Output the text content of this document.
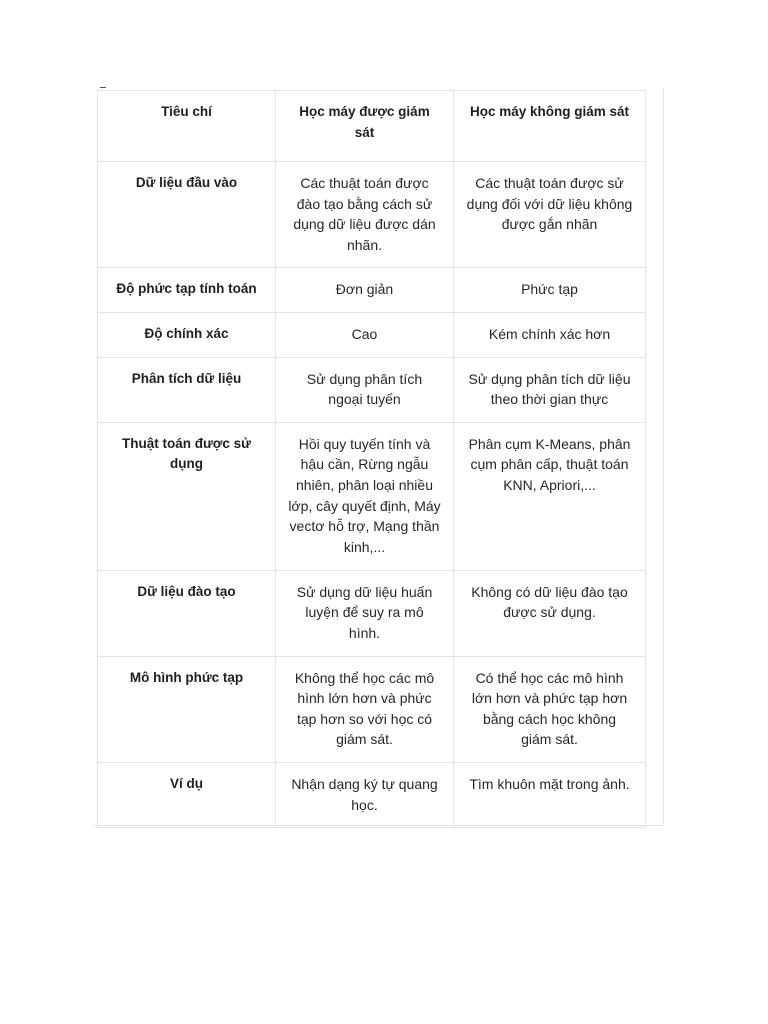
Tiêu chí	Học máy được giám sát	Học máy không giám sát
Dữ liệu đầu vào	Các thuật toán được đào tạo bằng cách sử dụng dữ liệu được dán nhãn.	Các thuật toán được sử dụng đối với dữ liệu không được gắn nhãn
Độ phức tạp tính toán	Đơn giản	Phức tạp
Độ chính xác	Cao	Kém chính xác hơn
Phân tích dữ liệu	Sử dụng phân tích ngoại tuyến	Sử dụng phân tích dữ liệu theo thời gian thực
Thuật toán được sử dụng	Hồi quy tuyến tính và hậu cần, Rừng ngẫu nhiên, phân loại nhiều lớp, cây quyết định, Máy vectơ hỗ trợ, Mạng thần kinh,...	Phân cụm K-Means, phân cụm phân cấp, thuật toán KNN, Apriori,...
Dữ liệu đào tạo	Sử dụng dữ liệu huấn luyện để suy ra mô hình.	Không có dữ liệu đào tạo được sử dụng.
Mô hình phức tạp	Không thể học các mô hình lớn hơn và phức tạp hơn so với học có giám sát.	Có thể học các mô hình lớn hơn và phức tạp hơn bằng cách học không giám sát.
Ví dụ	Nhận dạng ký tự quang học.	Tìm khuôn mặt trong ảnh.
